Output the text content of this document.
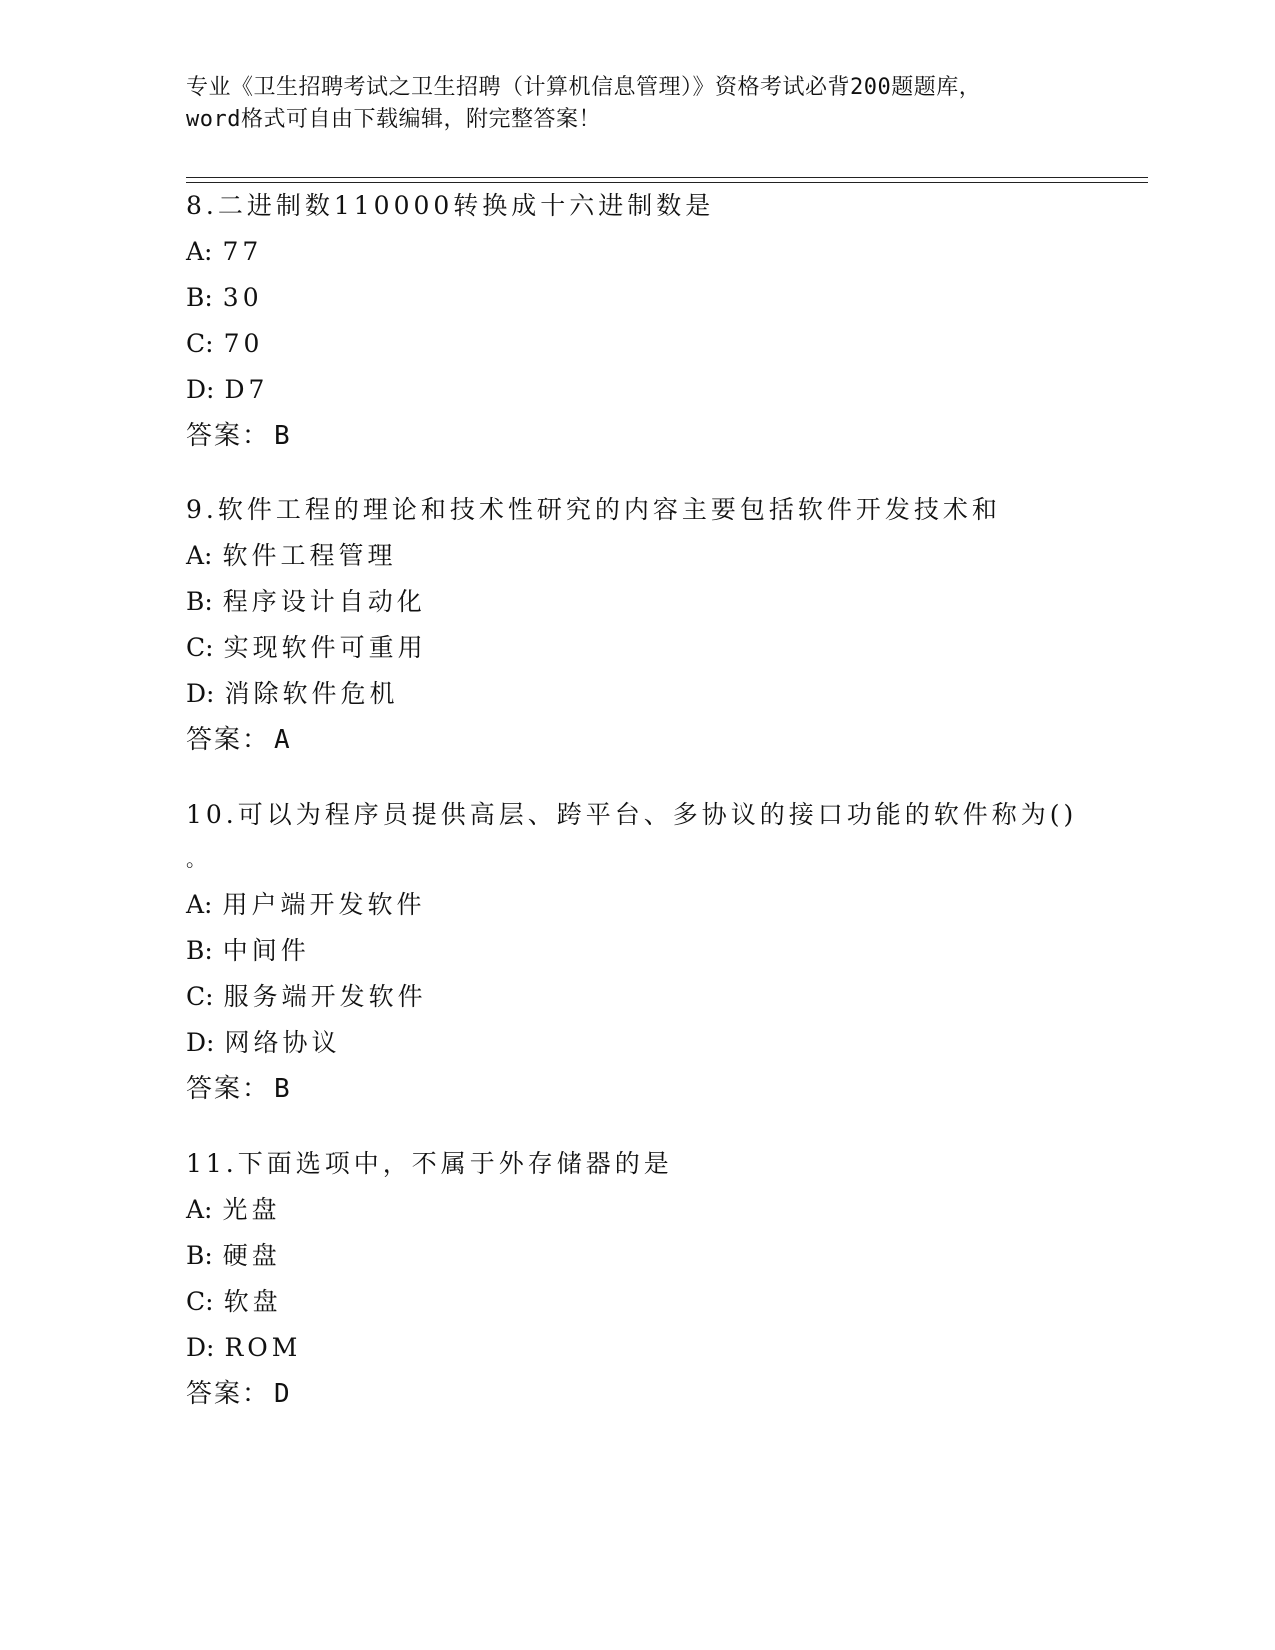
专业《卫生招聘考试之卫生招聘（计算机信息管理）》资格考试必背200题题库，
word格式可自由下载编辑，附完整答案！

8.二进制数110000转换成十六进制数是

A: 77
B: 30
C: 70
D: D7
答案： B

9.软件工程的理论和技术性研究的内容主要包括软件开发技术和

A: 软件工程管理
B: 程序设计自动化
C: 实现软件可重用
D: 消除软件危机
答案： A

10.可以为程序员提供高层、跨平台、多协议的接口功能的软件称为()

。

A: 用户端开发软件
B: 中间件
C: 服务端开发软件
D: 网络协议
答案： B

11.下面选项中，不属于外存储器的是

A: 光盘
B: 硬盘
C: 软盘
D: ROM
答案： D
